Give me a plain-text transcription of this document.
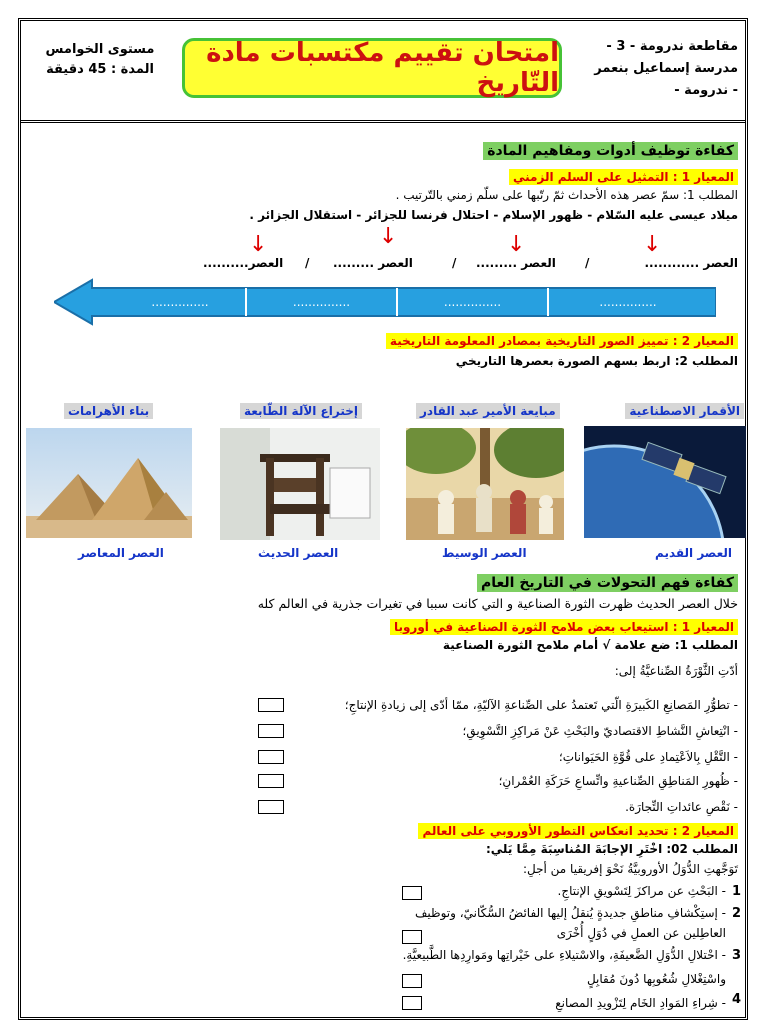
مستوى الخوامس
المدة : 45 دقيقة
امتحان تقييم مكتسبات مادة التّاريخ
مقاطعة ندرومة - 3 -
مدرسة إسماعيل بنعمر
- ندرومة -
كفاءة توظيف أدوات ومفاهيم المادة
المعيار 1 : التمثيل على السلم الزمني
المطلب 1: سمّ عصر هذه الأحداث ثمّ رتّبها على سلّم زمني بالتّرتيب .
ميلاد عيسى عليه السّلام - ظهور الإسلام - احتلال فرنسا للجزائر - استقلال الجزائر .
↓
↓
↓
↓
العصر ............
/
العصر .........
/
العصر .........
/
العصر..........
...............	...............	...............	...............
المعيار 2 : تمييز الصور التاريخية بمصادر المعلومة التاريخية
المطلب 2: اربط بسهم الصورة بعصرها التاريخي
الأقمار الاصطناعية
مبايعة الأمير عبد القادر
إختراع الآلة الطّابعة
بناء الأهرامات
العصر القديم
العصر الوسيط
العصر الحديث
العصر المعاصر
كفاءة فهم التحولات في التاريخ العام
خلال العصر الحديث ظهرت الثورة الصناعية و التي كانت سببا في تغيرات جذرية في العالم كله
المعيار 1 : استيعاب بعض ملامح الثورة الصناعية في أوروبا
المطلب 1: ضع علامة √ أمام ملامح الثورة الصناعية
أدّتِ الثَّوْرَةُ الصِّناعيَّةُ إلى:
- تطوُّرِ المَصانِعِ الكَبيرَةِ الّتي تَعتمدُ على الصِّناعةِ الآليّةِ، ممّا أدّى إلى زيادةِ الإنتاجِ؛
- انْتِعاشِ النَّشاطِ الاقتصاديّ والبَحْثِ عَنْ مَراكِزِ التَّسْوِيقِ؛
- التَّقْلِ بِالاَعْتِمادِ على قُوَّةِ الحَيَواناتِ؛
- ظُهورِ المَناطِقِ الصِّناعيةِ واتِّساعِ حَرَكَةِ العُمْرانِ؛
- نَقْصِ عائداتِ التِّجارَة.
المعيار 2 : تحديد انعكاس التطور الأوروبي على العالم
المطلب 02: اخْتَرِ الإجابَةَ المُناسِبَةَ مِمَّا يَلي:
تَوَجَّهتِ الدُّوَلُ الأوروبيَّةُ نَحْوَ إفريقيا من أجلِ:
1
- البَحْثِ عن مراكزَ لِتَسْويقِ الإنتاجِ.
2
- إستِكْشافِ مناطقِ جديدةٍ يُنقلُ إليها الفائضُ السُّكّانيّ، وتوظيف
العاطِلين عن العملِ في دُوَلٍ أُخْرَى
3
- احْتلالِ الدُّوَلِ الضَّعيفَةِ، والاسْتيلاءِ على خَيْراتِها ومَوارِدِها الطَّبيعيَّةِ.
واسْتِغْلالِ شُعُوبِها دُونَ مُقابِلٍ
4
- شِراءِ المَوادِ الخَام لِتَزْويدِ المصانعِ
